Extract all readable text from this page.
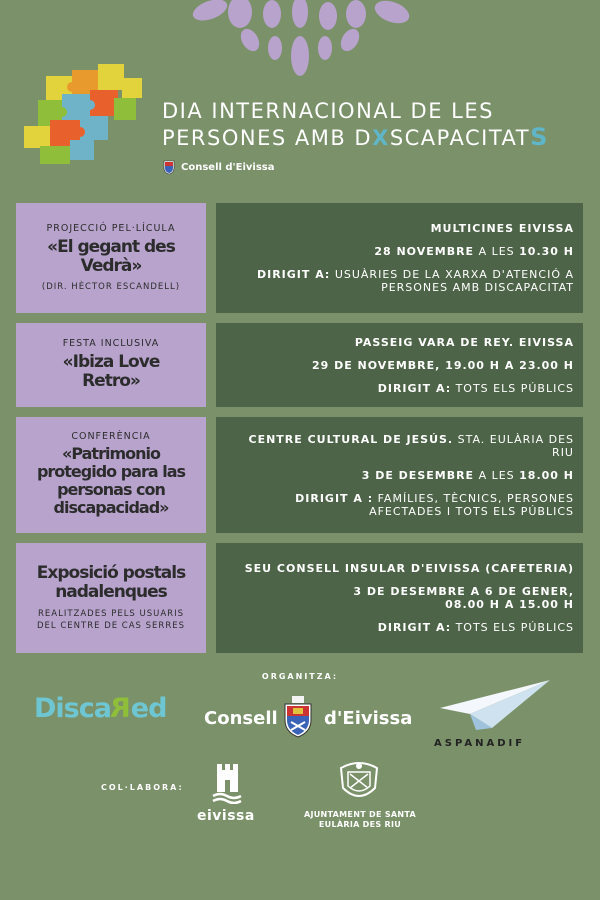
DIA INTERNACIONAL DE LES
PERSONES AMB DXSCAPACITATS
Consell d'Eivissa
PROJECCIÓ PEL·LÍCULA
«El gegant des Vedrà»
(DIR. HÈCTOR ESCANDELL)
MULTICINES EIVISSA
28 NOVEMBRE A LES 10.30 H
DIRIGIT A: USUÀRIES DE LA XARXA D'ATENCIÓ A PERSONES AMB DISCAPACITAT
FESTA INCLUSIVA
«Ibiza Love Retro»
PASSEIG VARA DE REY. EIVISSA
29 DE NOVEMBRE, 19.00 H A 23.00 H
DIRIGIT A: TOTS ELS PÚBLICS
CONFERÈNCIA
«Patrimonio protegido para las personas con discapacidad»
CENTRE CULTURAL DE JESÚS. STA. EULÀRIA DES RIU
3 DE DESEMBRE A LES 18.00 H
DIRIGIT A : FAMÍLIES, TÈCNICS, PERSONES AFECTADES I TOTS ELS PÚBLICS
Exposició postals nadalenques
REALITZADES PELS USUARIS DEL CENTRE DE CAS SERRES
SEU CONSELL INSULAR D'EIVISSA (CAFETERIA)
3 DE DESEMBRE A 6 DE GENER, 08.00 H A 15.00 H
DIRIGIT A: TOTS ELS PÚBLICS
ORGANITZA:
DiscaRed Consell	d'Eivissa
ASPANADIF
COL·LABORA:
eivissa	AJUNTAMENT DE SANTA EULÀRIA DES RIU
